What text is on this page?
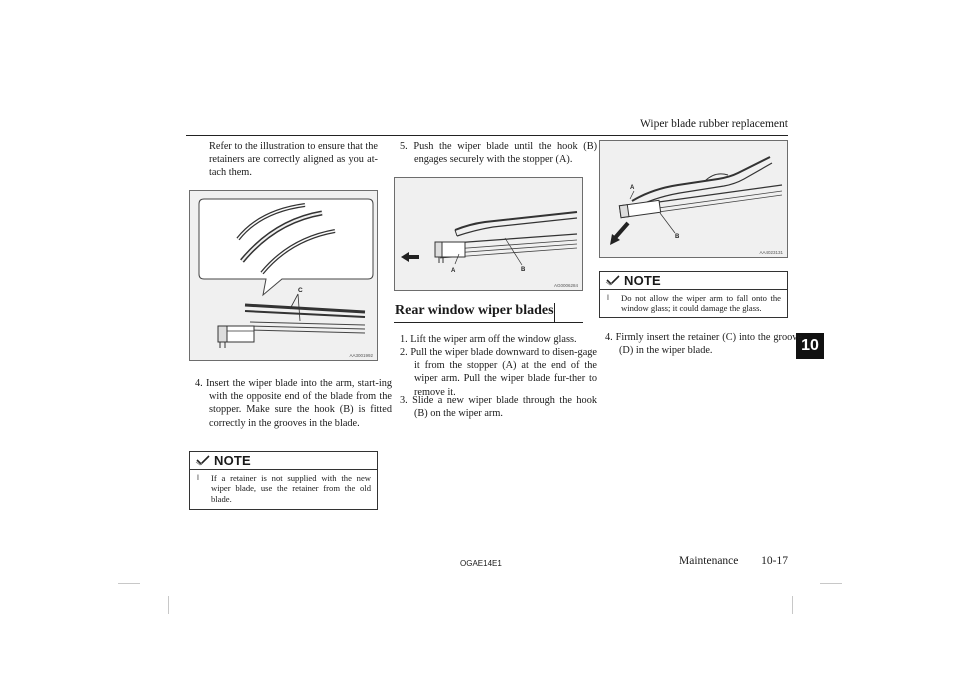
Wiper blade rubber replacement
10
Refer to the illustration to ensure that the retainers are correctly aligned as you at-tach them.
C
AA3001992
4. Insert the wiper blade into the arm, start-ing with the opposite end of the blade from the stopper. Make sure the hook (B) is fitted correctly in the grooves in the blade.
NOTE
l If a retainer is not supplied with the new wiper blade, use the retainer from the old blade.
5. Push the wiper blade until the hook (B) engages securely with the stopper (A).
A	B
AG0006284
Rear window wiper blades
1. Lift the wiper arm off the window glass.
2. Pull the wiper blade downward to disen-gage it from the stopper (A) at the end of the wiper arm. Pull the wiper blade fur-ther to remove it.
3. Slide a new wiper blade through the hook (B) on the wiper arm.
A
B
AA4023131
NOTE
l Do not allow the wiper arm to fall onto the window glass; it could damage the glass.
4. Firmly insert the retainer (C) into the groove (D) in the wiper blade.
OGAE14E1	Maintenance	10-17
